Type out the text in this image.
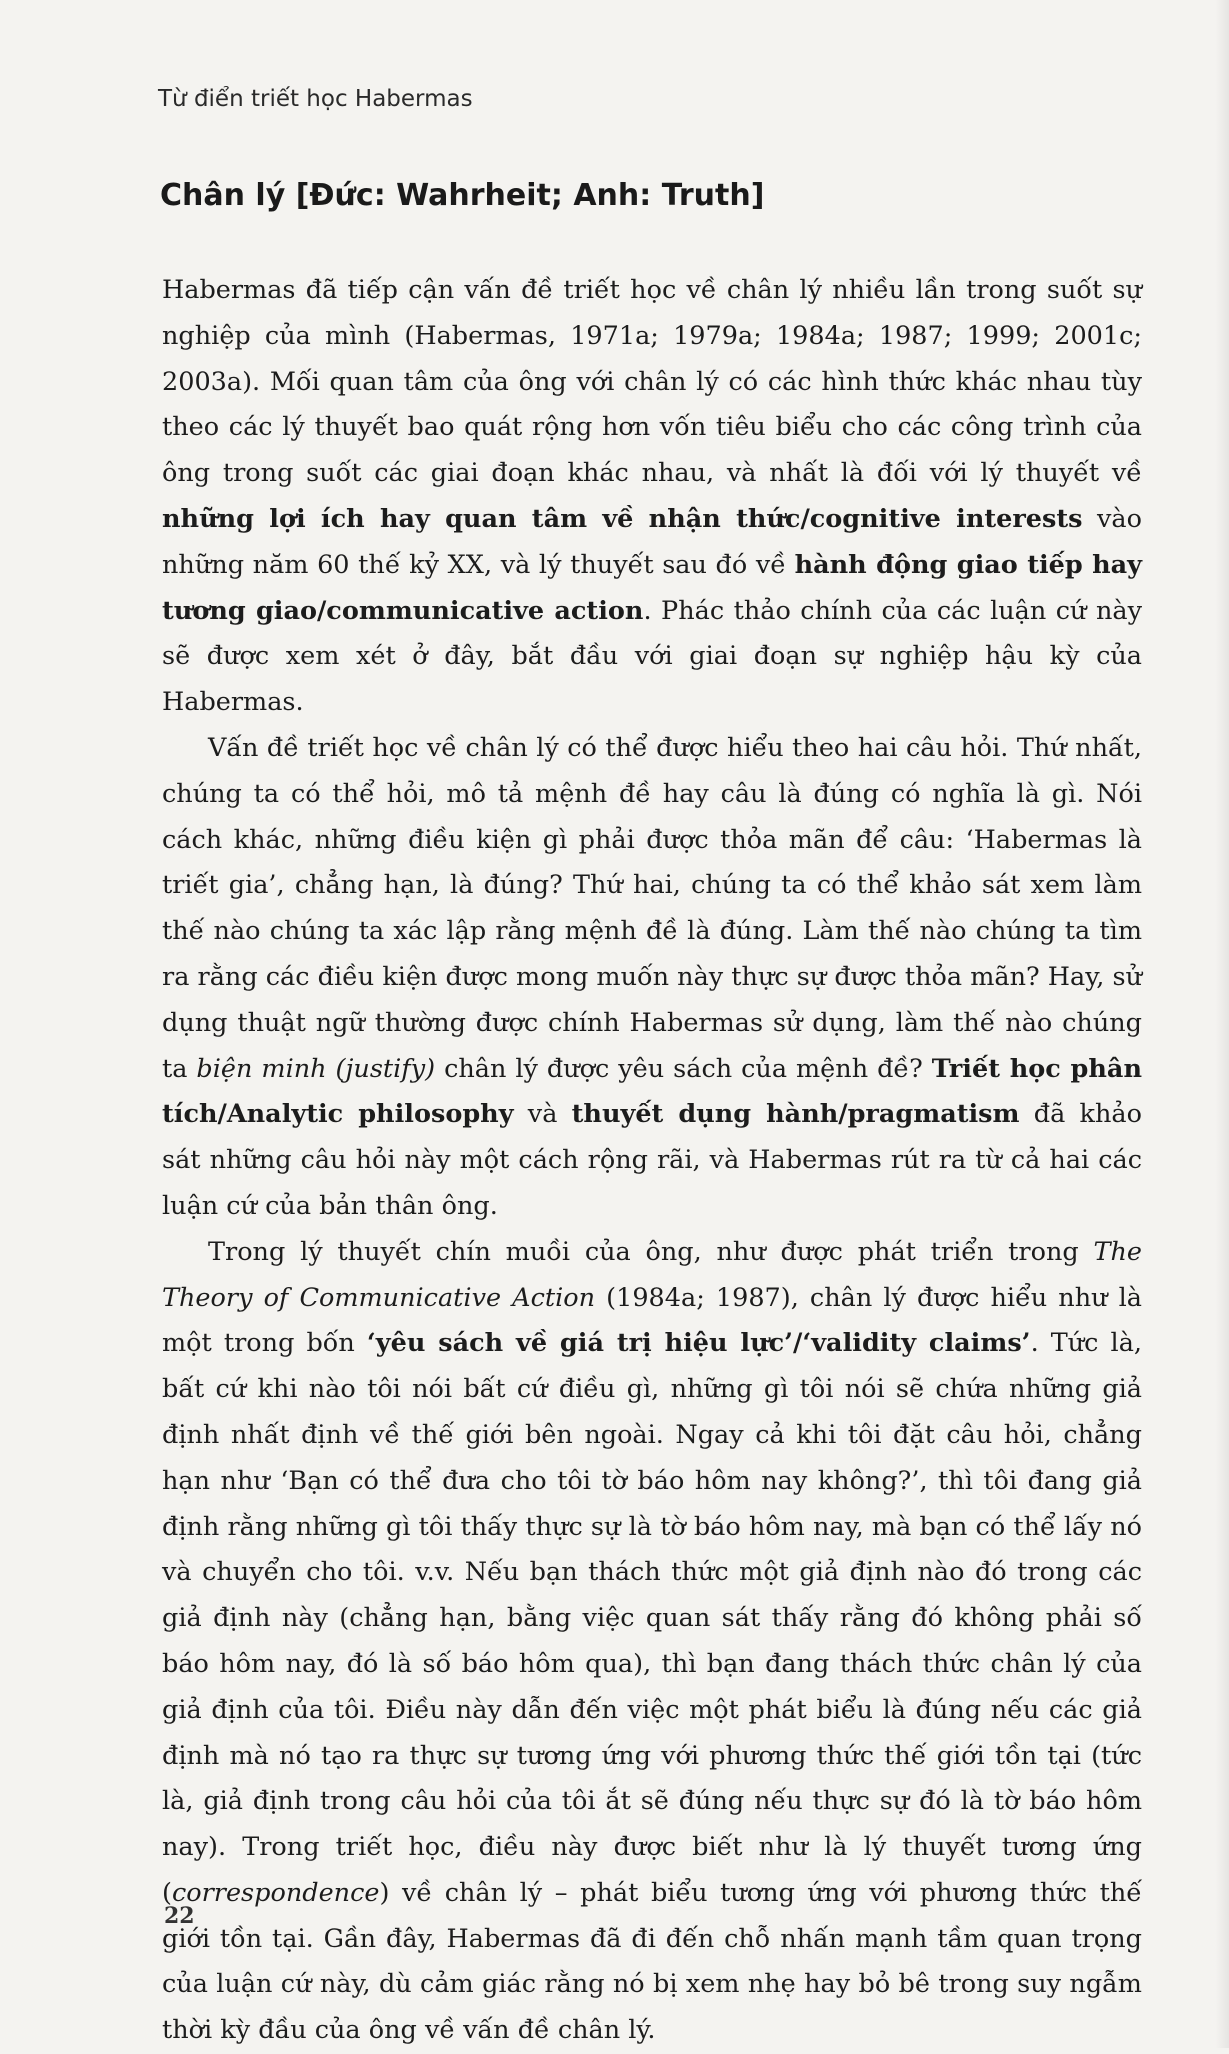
Từ điển triết học Habermas
Chân lý [Đức: Wahrheit; Anh: Truth]

Habermas đã tiếp cận vấn đề triết học về chân lý nhiều lần trong suốt sự nghiệp của mình (Habermas, 1971a; 1979a; 1984a; 1987; 1999; 2001c; 2003a). Mối quan tâm của ông với chân lý có các hình thức khác nhau tùy theo các lý thuyết bao quát rộng hơn vốn tiêu biểu cho các công trình của ông trong suốt các giai đoạn khác nhau, và nhất là đối với lý thuyết về những lợi ích hay quan tâm về nhận thức/cognitive interests vào những năm 60 thế kỷ XX, và lý thuyết sau đó về hành động giao tiếp hay tương giao/communicative action. Phác thảo chính của các luận cứ này sẽ được xem xét ở đây, bắt đầu với giai đoạn sự nghiệp hậu kỳ của Habermas.

Vấn đề triết học về chân lý có thể được hiểu theo hai câu hỏi. Thứ nhất, chúng ta có thể hỏi, mô tả mệnh đề hay câu là đúng có nghĩa là gì. Nói cách khác, những điều kiện gì phải được thỏa mãn để câu: ‘Habermas là triết gia’, chẳng hạn, là đúng? Thứ hai, chúng ta có thể khảo sát xem làm thế nào chúng ta xác lập rằng mệnh đề là đúng. Làm thế nào chúng ta tìm ra rằng các điều kiện được mong muốn này thực sự được thỏa mãn? Hay, sử dụng thuật ngữ thường được chính Habermas sử dụng, làm thế nào chúng ta biện minh (justify) chân lý được yêu sách của mệnh đề? Triết học phân tích/Analytic philosophy và thuyết dụng hành/pragmatism đã khảo sát những câu hỏi này một cách rộng rãi, và Habermas rút ra từ cả hai các luận cứ của bản thân ông.

Trong lý thuyết chín muồi của ông, như được phát triển trong The Theory of Communicative Action (1984a; 1987), chân lý được hiểu như là một trong bốn ‘yêu sách về giá trị hiệu lực’/‘validity claims’. Tức là, bất cứ khi nào tôi nói bất cứ điều gì, những gì tôi nói sẽ chứa những giả định nhất định về thế giới bên ngoài. Ngay cả khi tôi đặt câu hỏi, chẳng hạn như ‘Bạn có thể đưa cho tôi tờ báo hôm nay không?’, thì tôi đang giả định rằng những gì tôi thấy thực sự là tờ báo hôm nay, mà bạn có thể lấy nó và chuyển cho tôi. v.v. Nếu bạn thách thức một giả định nào đó trong các giả định này (chẳng hạn, bằng việc quan sát thấy rằng đó không phải số báo hôm nay, đó là số báo hôm qua), thì bạn đang thách thức chân lý của giả định của tôi. Điều này dẫn đến việc một phát biểu là đúng nếu các giả định mà nó tạo ra thực sự tương ứng với phương thức thế giới tồn tại (tức là, giả định trong câu hỏi của tôi ắt sẽ đúng nếu thực sự đó là tờ báo hôm nay). Trong triết học, điều này được biết như là lý thuyết tương ứng (correspondence) về chân lý – phát biểu tương ứng với phương thức thế giới tồn tại. Gần đây, Habermas đã đi đến chỗ nhấn mạnh tầm quan trọng của luận cứ này, dù cảm giác rằng nó bị xem nhẹ hay bỏ bê trong suy ngẫm thời kỳ đầu của ông về vấn đề chân lý.

22
